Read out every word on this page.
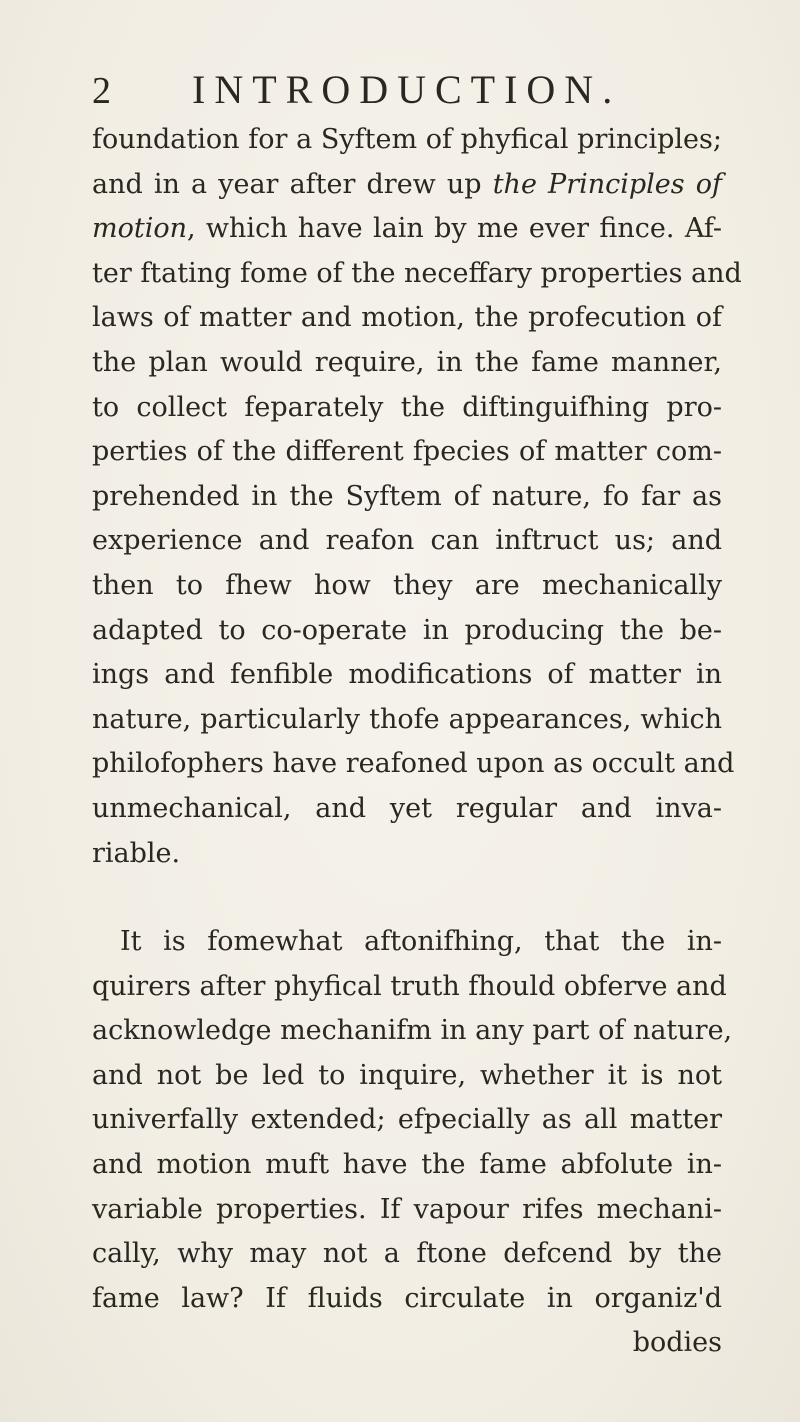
2	INTRODUCTION.
foundation for a Syftem of phyfical principles;
and in a year after drew up the Principles of
motion, which have lain by me ever fince. Af-
ter ftating fome of the neceffary properties and
laws of matter and motion, the profecution of
the plan would require, in the fame manner,
to collect feparately the diftinguifhing pro-
perties of the different fpecies of matter com-
prehended in the Syftem of nature, fo far as
experience and reafon can inftruct us; and
then to fhew how they are mechanically
adapted to co-operate in producing the be-
ings and fenfible modifications of matter in
nature, particularly thofe appearances, which
philofophers have reafoned upon as occult and
unmechanical, and yet regular and inva-
riable.
It is fomewhat aftonifhing, that the in-
quirers after phyfical truth fhould obferve and
acknowledge mechanifm in any part of nature,
and not be led to inquire, whether it is not
univerfally extended; efpecially as all matter
and motion muft have the fame abfolute in-
variable properties. If vapour rifes mechani-
cally, why may not a ftone defcend by the
fame law? If fluids circulate in organiz'd
bodies
